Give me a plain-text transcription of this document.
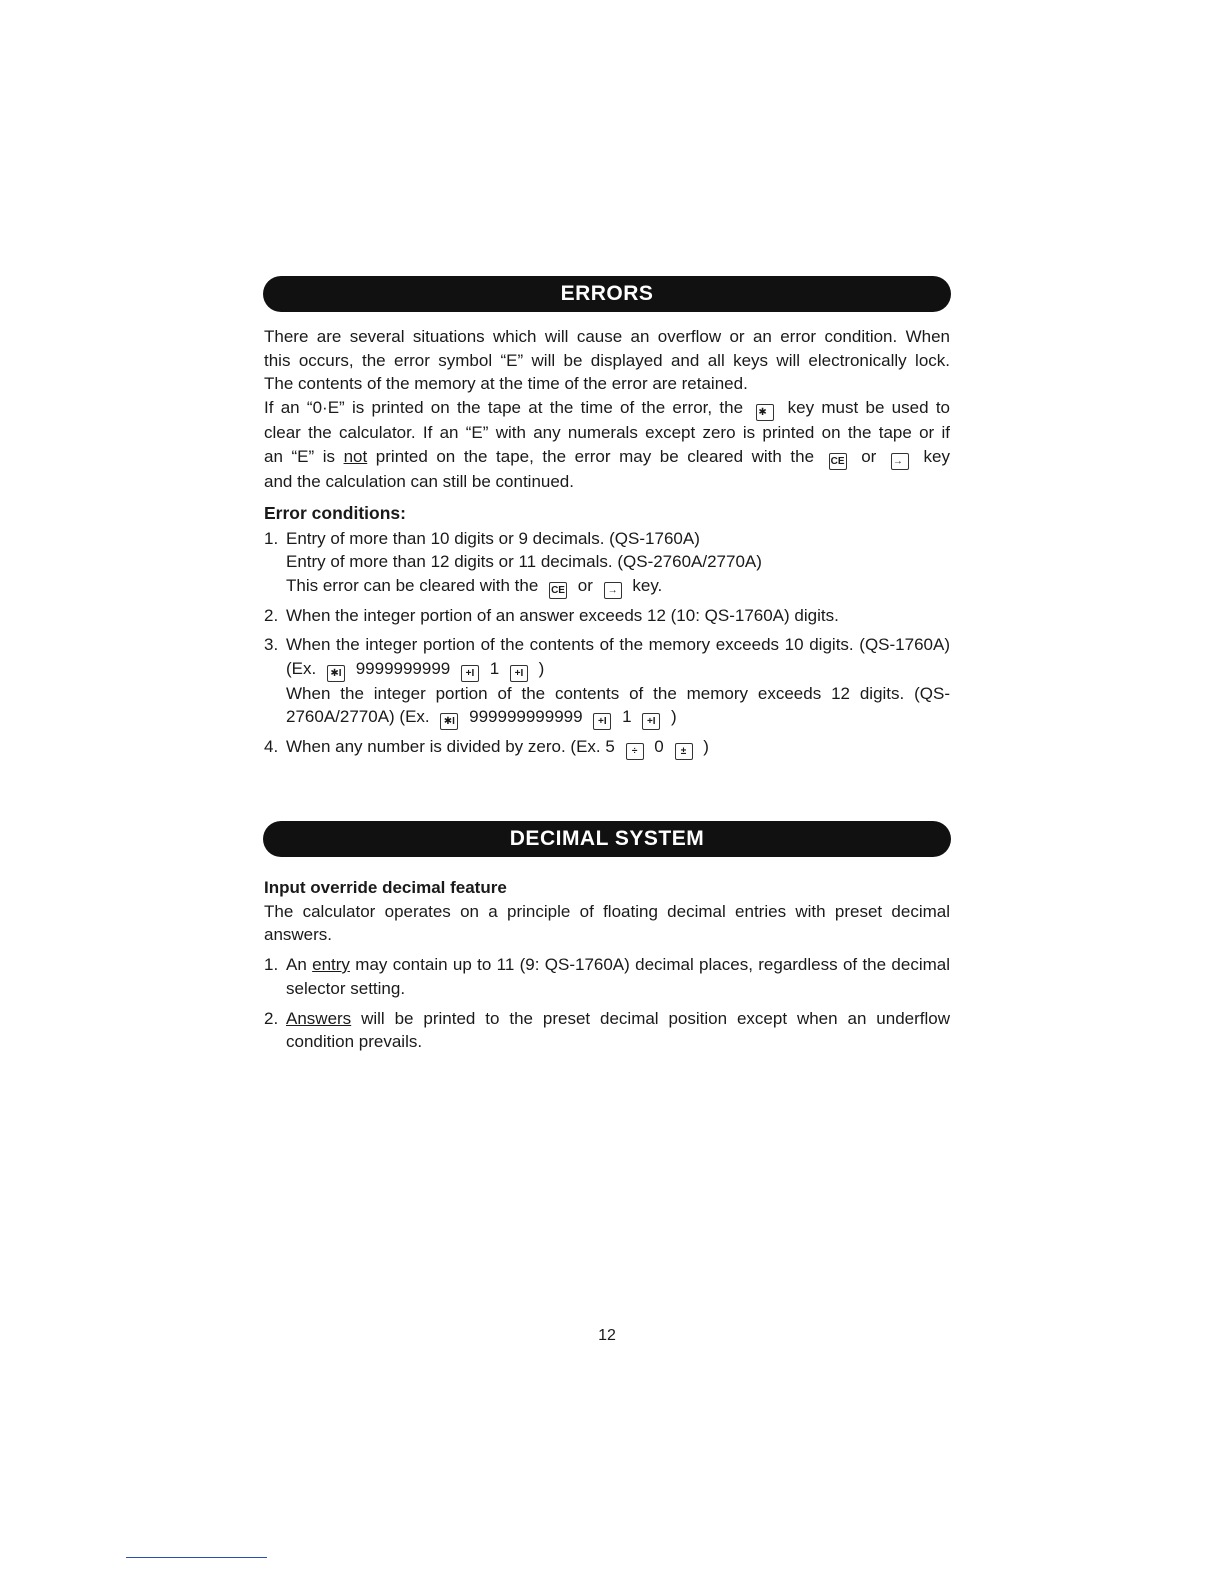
ERRORS

There are several situations which will cause an overflow or an error condition. When

this occurs, the error symbol “E” will be displayed and all keys will electronically lock.

The contents of the memory at the time of the error are retained.

If an “0·E” is printed on the tape at the time of the error, the ✱ key must be used to

clear the calculator. If an “E” with any numerals except zero is printed on the tape or if

an “E” is not printed on the tape, the error may be cleared with the CE or → key

and the calculation can still be continued.

Error conditions:

1. Entry of more than 10 digits or 9 decimals. (QS-1760A)
Entry of more than 12 digits or 11 decimals. (QS-2760A/2770A)
This error can be cleared with the CE or → key.
2. When the integer portion of an answer exceeds 12 (10: QS-1760A) digits.
3. When the integer portion of the contents of the memory exceeds 10 digits. (QS-1760A)
(Ex. ✱I 9999999999 +I 1 +I )
When the integer portion of the contents of the memory exceeds 12 digits. (QS-
2760A/2770A) (Ex. ✱I 999999999999 +I 1 +I )
4. When any number is divided by zero. (Ex. 5 ÷ 0 ± )
DECIMAL SYSTEM

Input override decimal feature

The calculator operates on a principle of floating decimal entries with preset decimal

answers.

1. An entry may contain up to 11 (9: QS-1760A) decimal places, regardless of the decimal
selector setting.
2. Answers will be printed to the preset decimal position except when an underflow
condition prevails.
12
